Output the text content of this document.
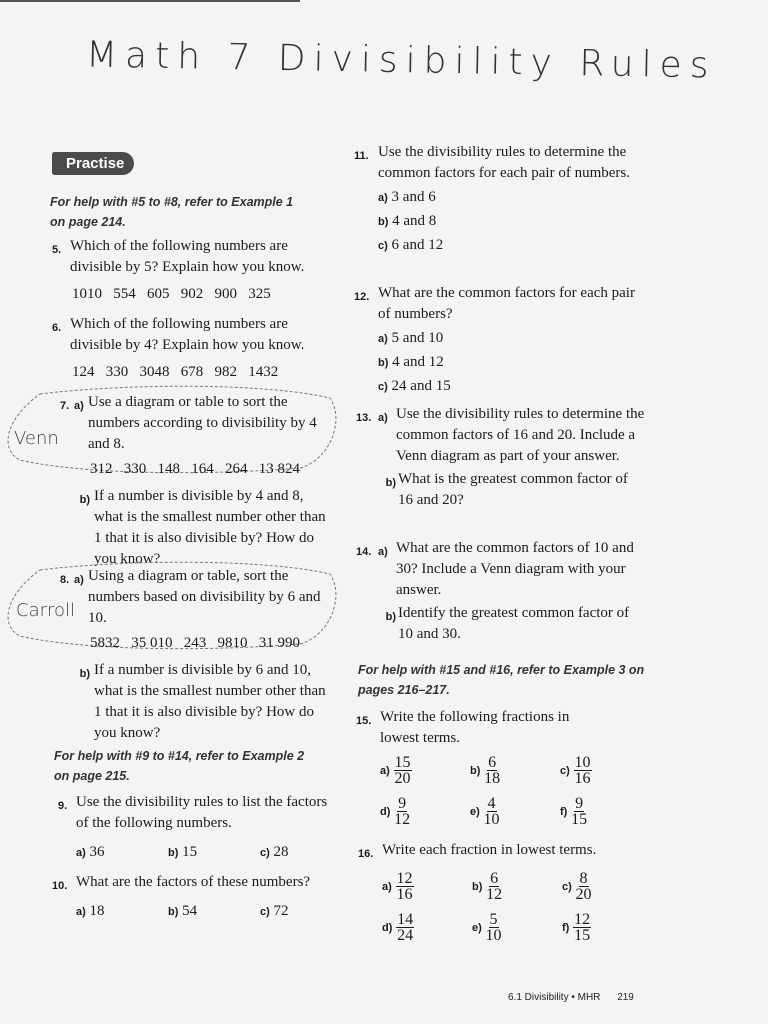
Math 7 Divisibility Rules
Practise
For help with #5 to #8, refer to Example 1 on page 214.
5. Which of the following numbers are divisible by 5? Explain how you know.
1010   554   605   902   900   325
6. Which of the following numbers are divisible by 4? Explain how you know.
124   330   3048   678   982   1432
Venn
7. a) Use a diagram or table to sort the numbers according to divisibility by 4 and 8.
312   330   148   164   264   13 824
b) If a number is divisible by 4 and 8, what is the smallest number other than 1 that it is also divisible by? How do you know?
Carroll
8. a) Using a diagram or table, sort the numbers based on divisibility by 6 and 10.
5832   35 010   243   9810   31 990
b) If a number is divisible by 6 and 10, what is the smallest number other than 1 that it is also divisible by? How do you know?
For help with #9 to #14, refer to Example 2 on page 215.
9. Use the divisibility rules to list the factors of the following numbers.
a) 36	b) 15	c) 28
10. What are the factors of these numbers?
a) 18	b) 54	c) 72
11. Use the divisibility rules to determine the common factors for each pair of numbers.
a) 3 and 6
b) 4 and 8
c) 6 and 12
12. What are the common factors for each pair of numbers?
a) 5 and 10
b) 4 and 12
c) 24 and 15
13. a) Use the divisibility rules to determine the common factors of 16 and 20. Include a Venn diagram as part of your answer.
b) What is the greatest common factor of 16 and 20?
14. a) What are the common factors of 10 and 30? Include a Venn diagram with your answer.
b) Identify the greatest common factor of 10 and 30.
For help with #15 and #16, refer to Example 3 on pages 216–217.
15. Write the following fractions in lowest terms.
$a) \frac{15}{20}$	$b) \frac{6}{18}$	$c) \frac{10}{16}$
$d) \frac{9}{12}$	$e) \frac{4}{10}$	$f) \frac{9}{15}$
16. Write each fraction in lowest terms.
$a) \frac{12}{16}$	$b) \frac{6}{12}$	$c) \frac{8}{20}$
$d) \frac{14}{24}$	$e) \frac{5}{10}$	$f) \frac{12}{15}$
6.1 Divisibility • MHR 219
